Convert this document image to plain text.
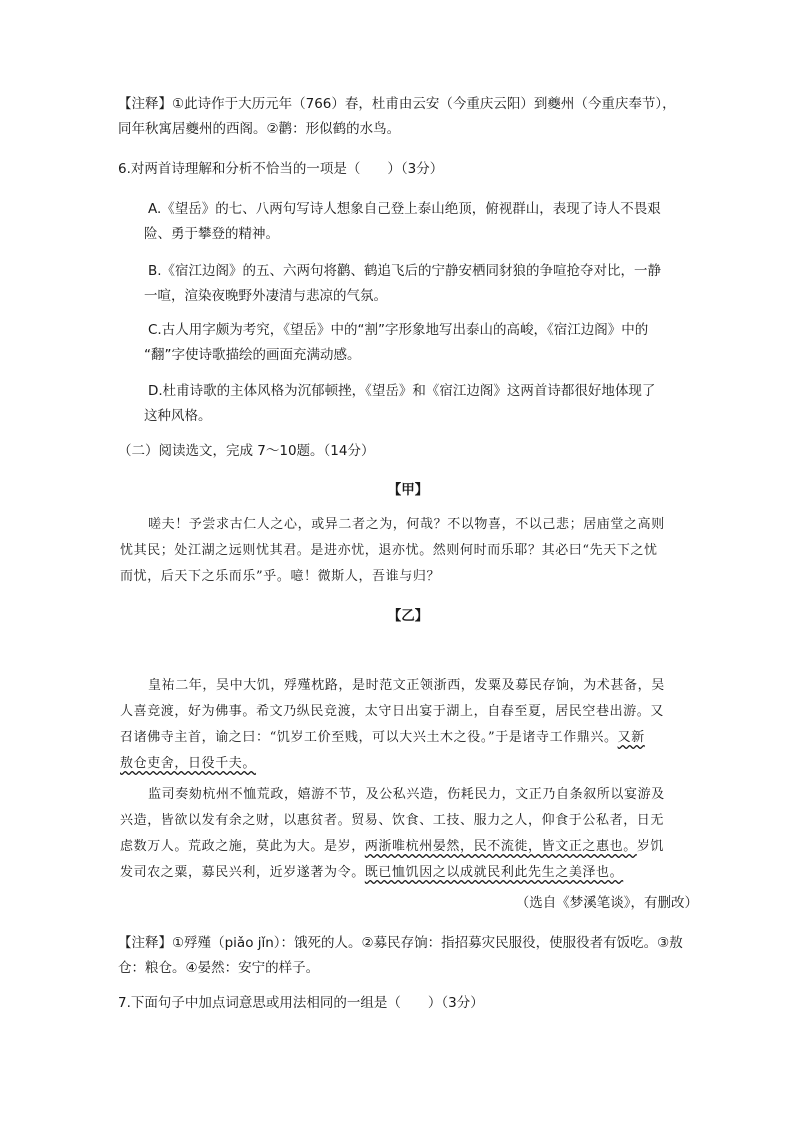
【注释】①此诗作于大历元年（766）春，杜甫由云安（今重庆云阳）到夔州（今重庆奉节），
同年秋寓居夔州的西阁。②鹳：形似鹤的水鸟。
6.对两首诗理解和分析不恰当的一项是（　　）（3分）
A.《望岳》的七、八两句写诗人想象自己登上泰山绝顶，俯视群山，表现了诗人不畏艰
险、勇于攀登的精神。
B.《宿江边阁》的五、六两句将鹳、鹤追飞后的宁静安栖同豺狼的争喧抢夺对比，一静
一喧，渲染夜晚野外凄清与悲凉的气氛。
C.古人用字颇为考究，《望岳》中的“割”字形象地写出泰山的高峻，《宿江边阁》中的
“翻”字使诗歌描绘的画面充满动感。
D.杜甫诗歌的主体风格为沉郁顿挫，《望岳》和《宿江边阁》这两首诗都很好地体现了
这种风格。
（二）阅读选文，完成 7～10题。（14分）
【甲】
嗟夫！予尝求古仁人之心，或异二者之为，何哉？不以物喜，不以己悲；居庙堂之高则
忧其民；处江湖之远则忧其君。是进亦忧，退亦忧。然则何时而乐耶？其必曰“先天下之忧
而忧，后天下之乐而乐”乎。噫！微斯人，吾谁与归？
【乙】
皇祐二年，吴中大饥，殍殣枕路，是时范文正领浙西，发粟及募民存饷，为术甚备，吴
人喜竞渡，好为佛事。希文乃纵民竞渡，太守日出宴于湖上，自春至夏，居民空巷出游。又
召诸佛寺主首，谕之曰：“饥岁工价至贱，可以大兴土木之役。”于是诸寺工作鼎兴。又新
敖仓吏舍，日役千夫。
监司奏劾杭州不恤荒政，嬉游不节，及公私兴造，伤耗民力，文正乃自条叙所以宴游及
兴造，皆欲以发有余之财，以惠贫者。贸易、饮食、工技、服力之人，仰食于公私者，日无
虑数万人。荒政之施，莫此为大。是岁，两浙唯杭州晏然，民不流徙，皆文正之惠也。岁饥
发司农之粟，募民兴利，近岁遂著为令。既已恤饥因之以成就民利此先生之美泽也。
（选自《梦溪笔谈》，有删改）
【注释】①殍殣（piǎo jǐn）：饿死的人。②募民存饷：指招募灾民服役，使服役者有饭吃。③敖
仓：粮仓。④晏然：安宁的样子。
7.下面句子中加点词意思或用法相同的一组是（　　）（3分）
